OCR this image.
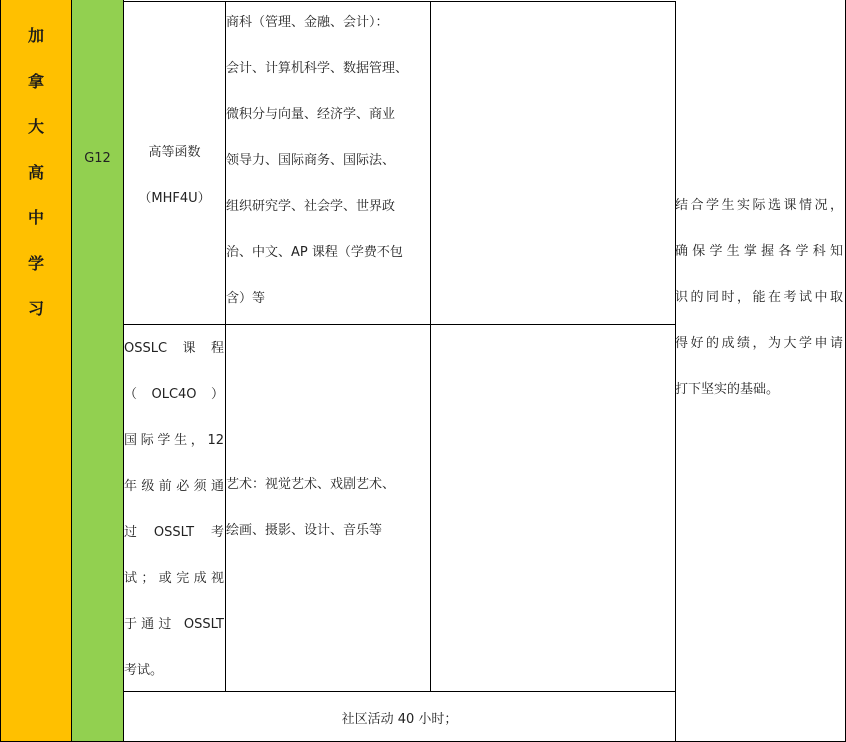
加
拿
大
高
中
学
习
G12	高等函数
（MHF4U）
商科（管理、金融、会计）：
会计、计算机科学、数据管理、
微积分与向量、经济学、商业
领导力、国际商务、国际法、
组织研究学、社会学、世界政
治、中文、AP 课程（学费不包
含）等
OSSLC　课　程
（　OLC4O　）
国际学生，12
年级前必须通
过　OSSLT　考
试；或完成视
于通过 OSSLT
考试。
艺术：视觉艺术、戏剧艺术、
绘画、摄影、设计、音乐等
社区活动 40 小时；
结合学生实际选课情况，
确保学生掌握各学科知
识的同时，能在考试中取
得好的成绩，为大学申请
打下坚实的基础。
